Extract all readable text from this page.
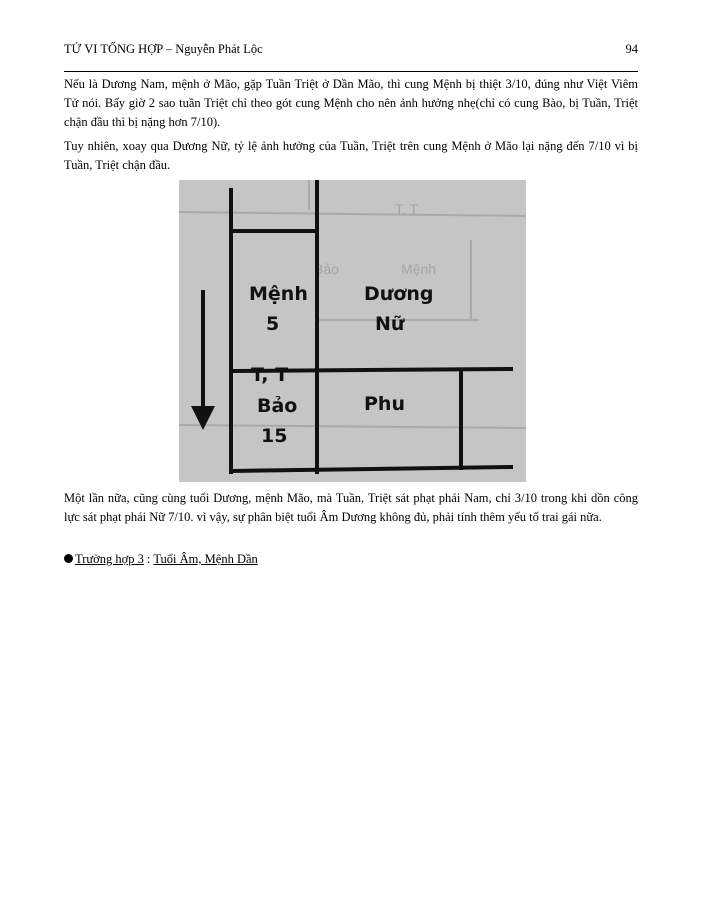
TỬ VI TỔNG HỢP – Nguyễn Phát Lộc	94

Nếu là Dương Nam, mệnh ở Mão, gặp Tuần Triệt ở Dần Mão, thì cung Mệnh bị thiệt 3/10, đúng như Việt Viêm Tử nói. Bấy giờ 2 sao tuần Triệt chỉ theo gót cung Mệnh cho nên ảnh hưởng nhẹ(chỉ có cung Bào, bị Tuần, Triệt chận đầu thì bị nặng hơn 7/10).

Tuy nhiên, xoay qua Dương Nữ, tỷ lệ ảnh hưởng của Tuần, Triệt trên cung Mệnh ở Mão lại nặng đến 7/10 vì bị Tuần, Triệt chận đầu.

T, T
Bảo	Mệnh
Mệnh
5
Dương
Nữ
T, T
Bảo
15
Phu

Một lần nữa, cũng cùng tuổi Dương, mệnh Mão, mà Tuần, Triệt sát phạt phái Nam, chỉ 3/10 trong khi dồn công lực sát phạt phái Nữ 7/10. vì vậy, sự phân biệt tuổi Âm Dương không đủ, phải tính thêm yếu tố trai gái nữa.

Trường hợp 3 : Tuổi Âm, Mệnh Dần
